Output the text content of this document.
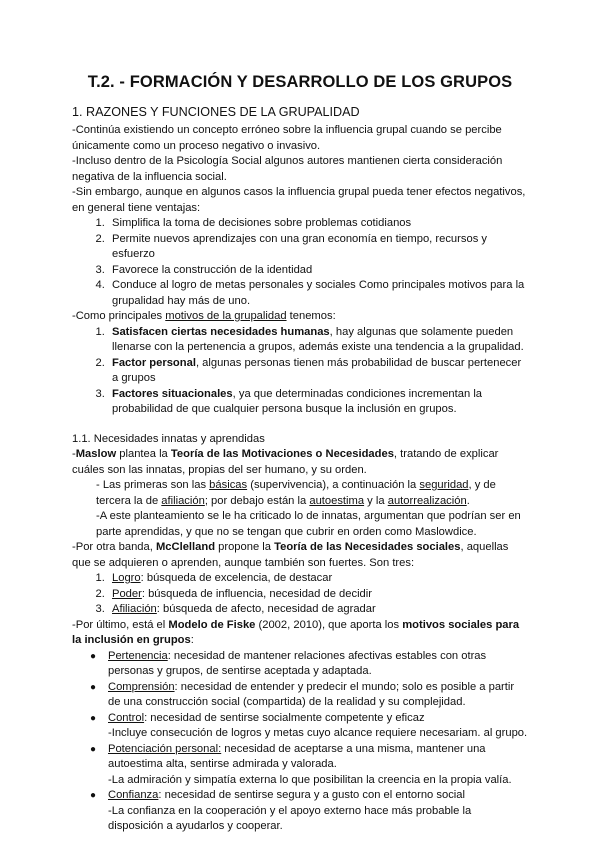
T.2. - FORMACIÓN Y DESARROLLO DE LOS GRUPOS
1. RAZONES Y FUNCIONES DE LA GRUPALIDAD

-Continúa existiendo un concepto erróneo sobre la influencia grupal cuando se percibe únicamente como un proceso negativo o invasivo.

-Incluso dentro de la Psicología Social algunos autores mantienen cierta consideración negativa de la influencia social.

-Sin embargo, aunque en algunos casos la influencia grupal pueda tener efectos negativos, en general tiene ventajas:

1. Simplifica la toma de decisiones sobre problemas cotidianos
2. Permite nuevos aprendizajes con una gran economía en tiempo, recursos y esfuerzo
3. Favorece la construcción de la identidad
4. Conduce al logro de metas personales y sociales Como principales motivos para la grupalidad hay más de uno.

-Como principales motivos de la grupalidad tenemos:

1. Satisfacen ciertas necesidades humanas, hay algunas que solamente pueden llenarse con la pertenencia a grupos, además existe una tendencia a la grupalidad.
2. Factor personal, algunas personas tienen más probabilidad de buscar pertenecer a grupos
3. Factores situacionales, ya que determinadas condiciones incrementan la probabilidad de que cualquier persona busque la inclusión en grupos.
1.1. Necesidades innatas y aprendidas

-Maslow plantea la Teoría de las Motivaciones o Necesidades, tratando de explicar cuáles son las innatas, propias del ser humano, y su orden.

- Las primeras son las básicas (supervivencia), a continuación la seguridad, y de tercera la de afiliación; por debajo están la autoestima y la autorrealización.

-A este planteamiento se le ha criticado lo de innatas, argumentan que podrían ser en parte aprendidas, y que no se tengan que cubrir en orden como Maslowdice.

-Por otra banda, McClelland propone la Teoría de las Necesidades sociales, aquellas que se adquieren o aprenden, aunque también son fuertes. Son tres:

1. Logro: búsqueda de excelencia, de destacar
2. Poder: búsqueda de influencia, necesidad de decidir
3. Afiliación: búsqueda de afecto, necesidad de agradar

-Por último, está el Modelo de Fiske (2002, 2010), que aporta los motivos sociales para la inclusión en grupos:

● Pertenencia: necesidad de mantener relaciones afectivas estables con otras personas y grupos, de sentirse aceptada y adaptada.
● Comprensión: necesidad de entender y predecir el mundo; solo es posible a partir de una construcción social (compartida) de la realidad y su complejidad.
● Control: necesidad de sentirse socialmente competente y eficaz
-Incluye consecución de logros y metas cuyo alcance requiere necesariam. al grupo.
● Potenciación personal: necesidad de aceptarse a una misma, mantener una autoestima alta, sentirse admirada y valorada.
-La admiración y simpatía externa lo que posibilitan la creencia en la propia valía.
● Confianza: necesidad de sentirse segura y a gusto con el entorno social
-La confianza en la cooperación y el apoyo externo hace más probable la disposición a ayudarlos y cooperar.
